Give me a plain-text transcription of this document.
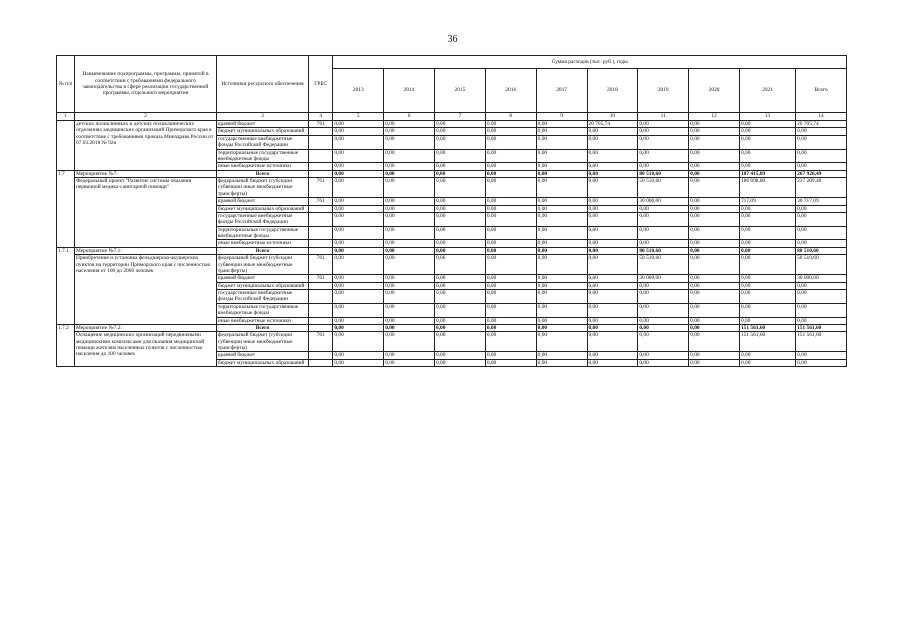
36
№ п/п	Наименование подпрограммы, программы, принятой в соответствии с требованиями федерального законодательства в сфере реализации государственной программы, отдельного мероприятия	Источники ресурсного обеспечения	ГРБС	Сумма расходов (тыс. руб.), годы									
				2013	2014	2015	2016	2017	2018	2019	2020	2021	Всего
1	2	3	4	5	6	7	8	9	10	11	12	13	14
	детских поликлиниках и детских поликлинических отделениях медицинских организаций Приморского края в соответствие с требованиями приказа Минздрава России от 07.03.2018 № 92н	краевой бюджет	761	0,00	0,00	0,00	0,00	0,00	20 705,74	0,00	0,00	0,00	20 705,74
		бюджет муниципальных образований		0,00	0,00	0,00	0,00	0,00	0,00	0,00	0,00	0,00	0,00
		государственные внебюджетные фонды Российской Федерации		0,00	0,00	0,00	0,00	0,00	0,00	0,00	0,00	0,00	0,00
		территориальные государственные внебюджетные фонды		0,00	0,00	0,00	0,00	0,00	0,00	0,00	0,00	0,00	0,00
		иные внебюджетные источники		0,00	0,00	0,00	0,00	0,00	0,00	0,00	0,00	0,00	0,00
1.7	Мероприятие №7:	Всего		0,00	0,00	0,00	0,00	0,00	0,00	80 510,60	0,00	187 415,89	267 926,49
	Федеральный проект "Развитие системы оказания первичной медико-санитарной помощи"	федеральный бюджет (субсидии субвенции иные межбюджетные трансферты)	761	0,00	0,00	0,00	0,00	0,00	0,00	50 510,60	0,00	186 698,80	237 209,40
		краевой бюджет	761	0,00	0,00	0,00	0,00	0,00	0,00	30 000,00	0,00	717,09	30 717,09
		бюджет муниципальных образований		0,00	0,00	0,00	0,00	0,00	0,00	0,00	0,00	0,00	0,00
		государственные внебюджетные фонды Российской Федерации		0,00	0,00	0,00	0,00	0,00	0,00	0,00	0,00	0,00	0,00
		территориальные государственные внебюджетные фонды		0,00	0,00	0,00	0,00	0,00	0,00	0,00	0,00	0,00	0,00
		иные внебюджетные источники		0,00	0,00	0,00	0,00	0,00	0,00	0,00	0,00	0,00	0,00
1.7.1	Мероприятие №7.1:	Всего		0,00	0,00	0,00	0,00	0,00	0,00	80 510,60	0,00	0,00	80 510,60
	Приобретение и установка фельдшерско-акушерских пунктов на территории Приморского края с численностью населения от 100 до 2000 человек	федеральный бюджет (субсидии субвенции иные межбюджетные трансферты)	761	0,00	0,00	0,00	0,00	0,00	0,00	50 510,60	0,00	0,00	50 510,60
		краевой бюджет	761	0,00	0,00	0,00	0,00	0,00	0,00	30 000,00	0,00	0,00	30 000,00
		бюджет муниципальных образований		0,00	0,00	0,00	0,00	0,00	0,00	0,00	0,00	0,00	0,00
		государственные внебюджетные фонды Российской Федерации		0,00	0,00	0,00	0,00	0,00	0,00	0,00	0,00	0,00	0,00
		территориальные государственные внебюджетные фонды		0,00	0,00	0,00	0,00	0,00	0,00	0,00	0,00	0,00	0,00
		иные внебюджетные источники		0,00	0,00	0,00	0,00	0,00	0,00	0,00	0,00	0,00	0,00
1.7.2	Мероприятие №7.2:	Всего		0,00	0,00	0,00	0,00	0,00	0,00	0,00	0,00	151 561,60	151 561,60
	Оснащение медицинских организаций передвижными медицинскими комплексами для оказания медицинской помощи жителям населенных пунктов с численностью населения до 100 человек	федеральный бюджет (субсидии субвенции иные межбюджетные трансферты)	761	0,00	0,00	0,00	0,00	0,00	0,00	0,00	0,00	151 561,60	151 561,60
		краевой бюджет		0,00	0,00	0,00	0,00	0,00	0,00	0,00	0,00	0,00	0,00
		бюджет муниципальных образований		0,00	0,00	0,00	0,00	0,00	0,00	0,00	0,00	0,00	0,00
